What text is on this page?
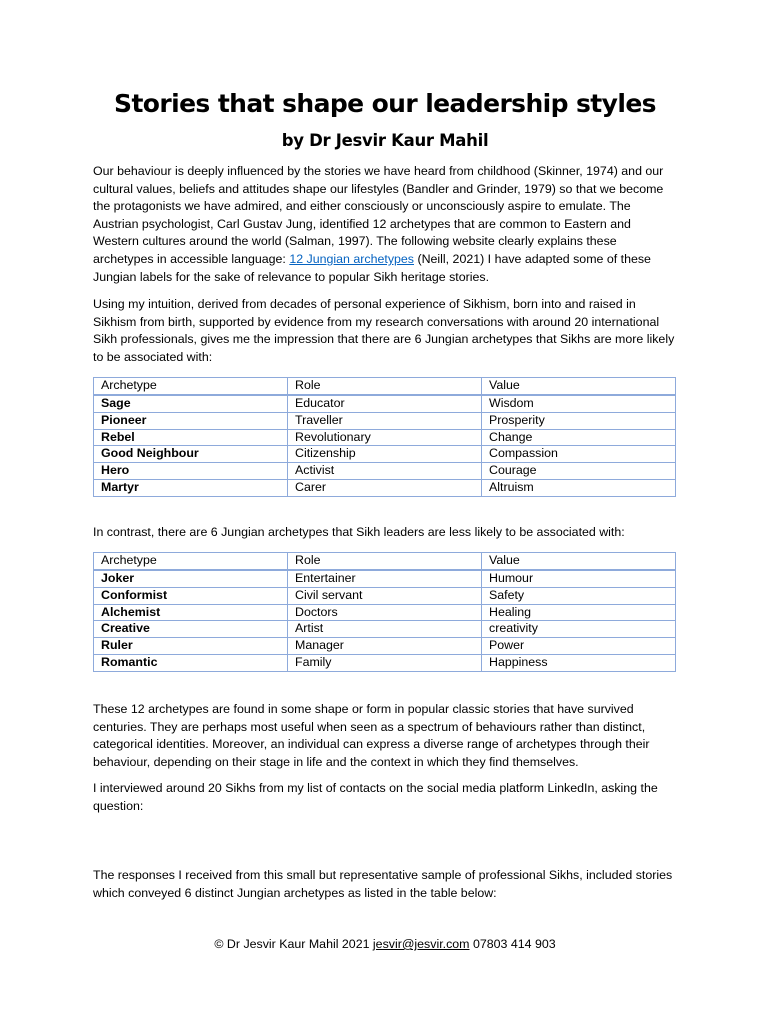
Stories that shape our leadership styles
by Dr Jesvir Kaur Mahil

Our behaviour is deeply influenced by the stories we have heard from childhood (Skinner, 1974) and our cultural values, beliefs and attitudes shape our lifestyles (Bandler and Grinder, 1979) so that we become the protagonists we have admired, and either consciously or unconsciously aspire to emulate. The Austrian psychologist, Carl Gustav Jung, identified 12 archetypes that are common to Eastern and Western cultures around the world (Salman, 1997). The following website clearly explains these archetypes in accessible language: 12 Jungian archetypes (Neill, 2021) I have adapted some of these Jungian labels for the sake of relevance to popular Sikh heritage stories.

Using my intuition, derived from decades of personal experience of Sikhism, born into and raised in Sikhism from birth, supported by evidence from my research conversations with around 20 international Sikh professionals, gives me the impression that there are 6 Jungian archetypes that Sikhs are more likely to be associated with:

Archetype	Role	Value
Sage	Educator	Wisdom
Pioneer	Traveller	Prosperity
Rebel	Revolutionary	Change
Good Neighbour	Citizenship	Compassion
Hero	Activist	Courage
Martyr	Carer	Altruism

In contrast, there are 6 Jungian archetypes that Sikh leaders are less likely to be associated with:

Archetype	Role	Value
Joker	Entertainer	Humour
Conformist	Civil servant	Safety
Alchemist	Doctors	Healing
Creative	Artist	creativity
Ruler	Manager	Power
Romantic	Family	Happiness

These 12 archetypes are found in some shape or form in popular classic stories that have survived centuries. They are perhaps most useful when seen as a spectrum of behaviours rather than distinct, categorical identities. Moreover, an individual can express a diverse range of archetypes through their behaviour, depending on their stage in life and the context in which they find themselves.

I interviewed around 20 Sikhs from my list of contacts on the social media platform LinkedIn, asking the question:

The responses I received from this small but representative sample of professional Sikhs, included stories which conveyed 6 distinct Jungian archetypes as listed in the table below:

© Dr Jesvir Kaur Mahil 2021 jesvir@jesvir.com 07803 414 903
